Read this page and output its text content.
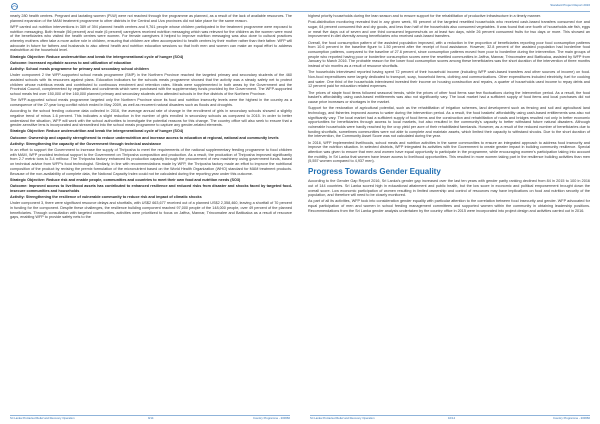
Standard Project Report 2016

nearly 280 health centres. Pregnant and lactating women (PLW) were not reached through the programme as planned, as a result of the lack of available resources. The planned expansion of the MAM treatment programme to other districts in the Central and Uva provinces did not take place for the same reason.

WFP carried out nutrition interventions in 389 of 394 planned health centres and 9,761 people whose children participated in the treatment programme were exposed to nutrition messaging. Both female (56 percent) and male (6 percent) caregivers received nutrition messaging which was relevant for the children as the women were most of the beneficiaries who visited the health centres were women. For female caregivers it helped to improve nutrition messaging was also done to cultural practices whereby mothers often take a more active role in children, ensuring that children are often accompanied to health centres by their mother rather than their father. WFP will advocate in future for fathers and husbands to also attend health and nutrition education sessions so that both men and women can make an equal effort to address malnutrition at the household level.

Strategic Objective: Reduce undernutrition and break the intergenerational cycle of hunger (SO4)

Outcome: Increased equitable access to and utilization of education

Activity: School meals programme for primary and secondary school children

Under component 2 the WFP-supported school meals programme (SMP) in the Northern Province reached the targeted primary and secondary students of the 460 assisted schools with its resources against plans. Education indicators for the schools meals programme showed that the activity was a steady safety net to protect children whose nutritious meals and contributed to continuous enrolment and retention rates. Meals were supplemented in both areas by the Government and the Provincial Council, complemented by vegetables and condiments which were purchased with the supplementary funds provided by the Government. The WFP-supported school meals fed over 150,000 of the 160,000 planned primary and secondary students who attended schools in the five districts of the Northern Province.

The WFP-supported school meals programme targeted only the Northern Province since its food and nutrition insecurity levels were the highest in the country as a consequence of the 27-year long conflict which ended in May 2009, as well as recurrent natural disasters such as floods and droughts.

According to the school feeding outcome data collected in 2016, the average annual rate of change in the enrollment of girls in secondary schools showed a slightly negative trend of minus 1.6 percent. This indicates a slight reduction in the number of girls enrolled in secondary schools as compared to 2015. In order to better understand the situation, WFP will work with the school authorities to investigate the potential reasons for this change. The country office will also seek to ensure that a gender-sensitive lens is incorporated and streamlined into the school meals programme to capture any gender-related elements.

Strategic Objective: Reduce undernutrition and break the intergenerational cycle of hunger (SO4)

Outcome: Ownership and capacity strengthened to reduce undernutrition and increase access to education at regional, national and community levels

Activity: Strengthening the capacity of the Government through technical assistance

In an effort to support the Government to increase the supply of Thriposha to meet the requirements of the national supplementary feeding programme to food children with MAM, WFP provided technical support to the Government on Thriposha composition and production. As a result, the production of Thriposha improved significantly from 2.7 metric tons to 3.4 mt/hour. The Thriposha factory enhanced its production capacity through the procurement of new machinery using government funds, based on technical advice from WFP's food technologist. Similarly, in line with recommendations made by WFP, the Thriposha factory made an effort to improve the nutritional composition of the product by revising the premix formulation of the micronutrient based on the World Health Organization (WHO) standard for MAM treatment products. Because of the non-availability of complete data, the National Capacity Index could not be calculated during the reporting year under this outcome.

Strategic Objective: Reduce risk and enable people, communities and countries to meet their own food and nutrition needs (SO3)

Outcome: Improved access to livelihood assets has contributed to enhanced resilience and reduced risks from disaster and shocks faced by targeted food-insecure communities and households

Activity: Strengthening the resilience of vulnerable community to reduce risk and impact of climatic shocks

Under component 3, there were significant resource delays and shortfalls, with US$2 663,677 received out of a planned US$2 2,358,460, leaving a shortfall of 70 percent in funding for the component. Despite these challenges, the resilience building component reached 97,000 people of the 148,000 people, over 49 percent of the planned beneficiaries. Through consultation with targeted communities, activities were prioritized to focus on Jaffna, Mannar, Trincomalee and Batticaloa as a result of resource gaps, enabling WFP to provide safety nets to the

highest priority households during the lean season and to ensure support for the rehabilitation of productive infrastructure in a timely manner.

Post-distribution monitoring revealed that in any given week, 95 percent of the targeted resettled households who received cash-based transfers consumed rice and sugar, 64 percent consumed fish and dry goods, and less than half of the households also consumed vegetables. It was found that one fourth of households ate fish, eggs or meat five days out of seven and one third consumed legumes/nuts on at least two days, while 26 percent consumed fruits for two days or more. This showed an improvement in diet diversity among beneficiaries who received cash-based transfers.

Overall, the food consumption pattern of the assisted population improved, with a reduction in the proportion of beneficiaries reporting poor food consumption patterns from 10.6 percent in the baseline figure to 1.50 percent after the receipt of food assistance. However, 32.8 percent of the assisted population had borderline food consumption patterns, compared to the baseline of 27.6 percent, since consumption patterns moved from poor to borderline during the intervention. The main groups of people who reported having poor or borderline consumption scores were the resettled communities in Jaffna, Mannar, Trincomalee and Batticaloa, assisted by WFP from January to March 2016. The probable reason for the lower food consumption scores among these beneficiaries was the short duration of the intervention of three months instead of six months as a result of resource shortfalls.

The households interviewed reported having spent 72 percent of their household income (including WFP cash-based transfers and other sources of income) on food. Non-food expenditures were largely dedicated to transport, soap, household items, clothing and communications. Other expenditures included electricity, fuel for cooking and water. One third of the households interviewed invested their income on housing construction and repairs, a quarter of households used income to repay debts and 12 percent paid for education related expenses.

The prices of staple food items followed seasonal trends, while the prices of other food items saw few fluctuations during the intervention period. As a result, the food basket's affordability using cash-based entitlements was also not significantly vary. The local market had a sufficient supply of food items and local purchases did not cause price increases or shortages in the market.

Support for the restoration of agricultural potential, such as the rehabilitation of irrigation schemes, land development such as fencing and soil and agricultural land technology, and fisheries improved access to water during the intervention period. As a result, the food baskets' affordability using cash-based entitlements was also not significantly vary. The local market had a sufficient supply of food items and the construction and rehabilitation of roads and bridges resulted not only in better economic opportunities for beneficiaries through access to local markets, but also resulted in the community's capacity to better withstand future natural disasters. Although vulnerable households were hardly reached by the crop yield per acre of their rehabilitated farmlands. However, as a result of the reduced number of beneficiaries due to funding shortfalls, sometimes communities were not able to complete and maintain assets, which limited their capacity to withstand shocks. Due to the short duration of the intervention, the Community Asset Score was not calculated during the year.

In 2016, WFP implemented livelihoods, school meals and nutrition activities in the same communities to ensure an integrated approach to address food insecurity and improve the nutrition situation. In selected districts, WFP integrated its activities with the Government to create greater impact in building community resilience. Special attention was given to ensure that men and women have equal opportunity to participate in the programme, while encouraging women's participation taking into account the mobility. In Sri Lanka that women have lesser access to livelihood opportunities. This resulted in more women taking part in the resilience building activities than men (5,557 women compared to 4,937 men).

Progress Towards Gender Equality

According to the Gender Gap Report 2016, Sri Lanka's gender gap increased over the last ten years with gender parity ranking declined from 84 in 2015 to 100 in 2016 out of 144 countries. Sri Lanka scored high in educational attainment and public health, but the low score in economic and political empowerment brought down the overall score. Low economic participation of women resulting in limited ownership and control of resources may have implications on food and nutrition security of the population, and therefore will need to be closely monitored.

As part of all its activities, WFP took into consideration gender equality with particular attention to the correlation between food insecurity and gender. WFP advocated for equal participation of men and women in school feeding management committees and supported women within the community in obtaining leadership positions. Recommendations from the Sri Lanka gender analysis undertaken by the country office in 2015 were incorporated into project design and activities carried out in 2016.

Sri Lanka Protracted Relief and Recovery Operation	9/14	Country Programme - 200660	Sri Lanka Protracted Relief and Recovery Operation	10/14	Country Programme - 200660
